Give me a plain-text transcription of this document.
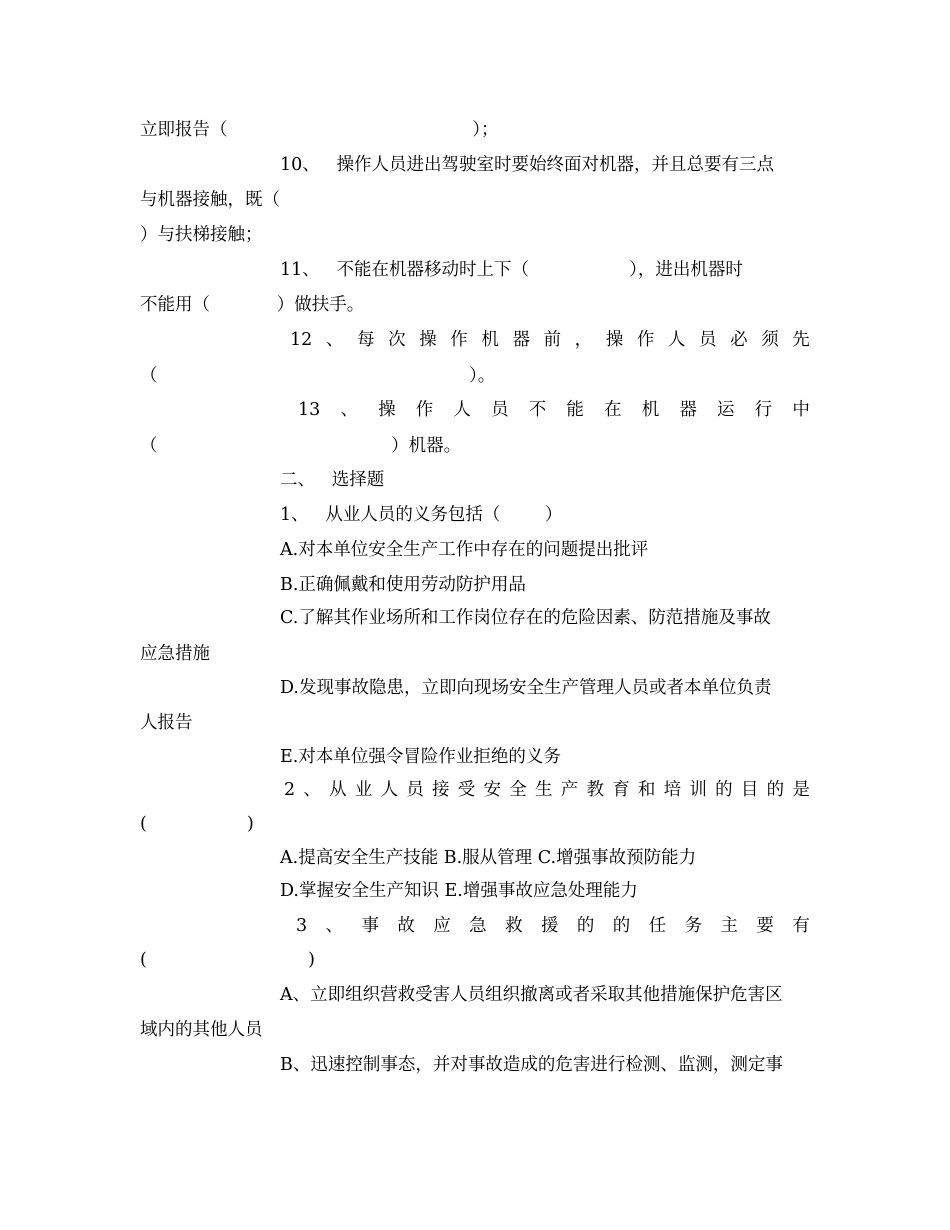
立即报告（                                            ）；
10、   操作人员进出驾驶室时要始终面对机器，并且总要有三点
与机器接触，既（
）与扶梯接触；
11、   不能在机器移动时上下（                  ），进出机器时
不能用（            ）做扶手。
12 、 每 次 操 作 机 器 前 ， 操 作 人 员 必 须 先
（                                                        ）。
13 、 操 作 人 员 不 能 在 机 器 运 行 中
（                                          ）机器。
二、   选择题
1、   从业人员的义务包括（        ）
A.对本单位安全生产工作中存在的问题提出批评
B.正确佩戴和使用劳动防护用品
C.了解其作业场所和工作岗位存在的危险因素、防范措施及事故
应急措施
D.发现事故隐患，立即向现场安全生产管理人员或者本单位负责
人报告
E.对本单位强令冒险作业拒绝的义务
2 、 从 业 人 员 接 受 安 全 生 产 教 育 和 培 训 的 目 的 是
(                  )
A.提高安全生产技能 B.服从管理 C.增强事故预防能力
D.掌握安全生产知识 E.增强事故应急处理能力
3 、 事 故 应 急 救 援 的 的 任 务 主 要 有
(                             )
A、立即组织营救受害人员组织撤离或者采取其他措施保护危害区
域内的其他人员
B、迅速控制事态，并对事故造成的危害进行检测、监测，测定事
